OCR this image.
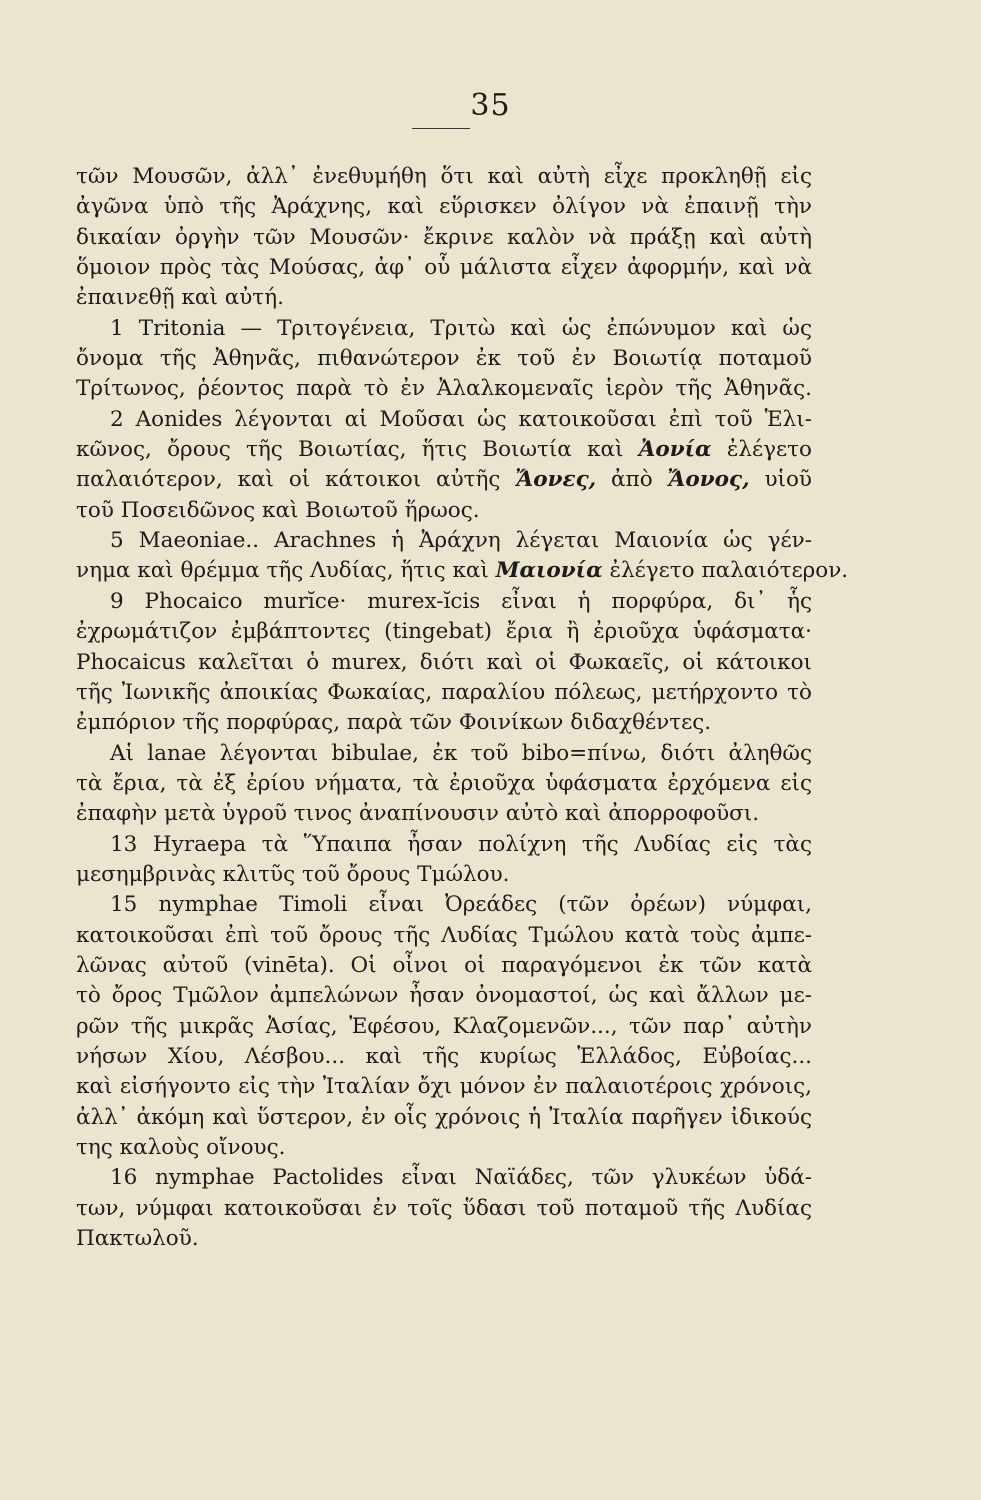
35
τῶν Μουσῶν, ἀλλ᾽ ἐνεθυμήθη ὅτι καὶ αὐτὴ εἶχε προκληθῇ εἰς
ἀγῶνα ὑπὸ τῆς Ἀράχνης, καὶ εὕρισκεν ὀλίγον νὰ ἐπαινῇ τὴν
δικαίαν ὀργὴν τῶν Μουσῶν· ἔκρινε καλὸν νὰ πράξῃ καὶ αὐτὴ
ὅμοιον πρὸς τὰς Μούσας, ἀφ᾽ οὗ μάλιστα εἶχεν ἀφορμήν, καὶ νὰ
ἐπαινεθῇ καὶ αὐτή.
1 Tritonia — Τριτογένεια, Τριτὼ καὶ ὡς ἐπώνυμον καὶ ὡς
ὄνομα τῆς Ἀθηνᾶς, πιθανώτερον ἐκ τοῦ ἐν Βοιωτίᾳ ποταμοῦ
Τρίτωνος, ῥέοντος παρὰ τὸ ἐν Ἀλαλκομεναῖς ἱερὸν τῆς Ἀθηνᾶς.
2 Aonides λέγονται αἱ Μοῦσαι ὡς κατοικοῦσαι ἐπὶ τοῦ Ἑλι-
κῶνος, ὄρους τῆς Βοιωτίας, ἥτις Βοιωτία καὶ Ἀονία ἐλέγετο
παλαιότερον, καὶ οἱ κάτοικοι αὐτῆς Ἄονες, ἀπὸ Ἄονος, υἱοῦ
τοῦ Ποσειδῶνος καὶ Βοιωτοῦ ἥρωος.
5 Maeoniae.. Arachnes ἡ Ἀράχνη λέγεται Μαιονία ὡς γέν-
νημα καὶ θρέμμα τῆς Λυδίας, ἥτις καὶ Μαιονία ἐλέγετο παλαιότερον.
9 Phocaico murĭce· murex-ĭcis εἶναι ἡ πορφύρα, δι᾽ ἧς
ἐχρωμάτιζον ἐμβάπτοντες (tingebat) ἔρια ἢ ἐριοῦχα ὑφάσματα·
Phocaicus καλεῖται ὁ murex, διότι καὶ οἱ Φωκαεῖς, οἱ κάτοικοι
τῆς Ἰωνικῆς ἀποικίας Φωκαίας, παραλίου πόλεως, μετήρχοντο τὸ
ἐμπόριον τῆς πορφύρας, παρὰ τῶν Φοινίκων διδαχθέντες.
Αἱ lanae λέγονται bibulae, ἐκ τοῦ bibo=πίνω, διότι ἀληθῶς
τὰ ἔρια, τὰ ἐξ ἐρίου νήματα, τὰ ἐριοῦχα ὑφάσματα ἐρχόμενα εἰς
ἐπαφὴν μετὰ ὑγροῦ τινος ἀναπίνουσιν αὐτὸ καὶ ἀπορροφοῦσι.
13 Hyraepa τὰ Ὕπαιπα ἦσαν πολίχνη τῆς Λυδίας εἰς τὰς
μεσημβρινὰς κλιτῦς τοῦ ὄρους Τμώλου.
15 nymphae Timoli εἶναι Ὀρεάδες (τῶν ὀρέων) νύμφαι,
κατοικοῦσαι ἐπὶ τοῦ ὄρους τῆς Λυδίας Τμώλου κατὰ τοὺς ἀμπε-
λῶνας αὐτοῦ (vinēta). Οἱ οἶνοι οἱ παραγόμενοι ἐκ τῶν κατὰ
τὸ ὄρος Τμῶλον ἀμπελώνων ἦσαν ὀνομαστοί, ὡς καὶ ἄλλων με-
ρῶν τῆς μικρᾶς Ἀσίας, Ἐφέσου, Κλαζομενῶν..., τῶν παρ᾽ αὐτὴν
νήσων Χίου, Λέσβου... καὶ τῆς κυρίως Ἑλλάδος, Εὐβοίας...
καὶ εἰσήγοντο εἰς τὴν Ἰταλίαν ὄχι μόνον ἐν παλαιοτέροις χρόνοις,
ἀλλ᾽ ἀκόμη καὶ ὕστερον, ἐν οἷς χρόνοις ἡ Ἰταλία παρῆγεν ἰδικούς
της καλοὺς οἴνους.
16 nymphae Pactolides εἶναι Ναϊάδες, τῶν γλυκέων ὑδά-
των, νύμφαι κατοικοῦσαι ἐν τοῖς ὕδασι τοῦ ποταμοῦ τῆς Λυδίας
Πακτωλοῦ.
